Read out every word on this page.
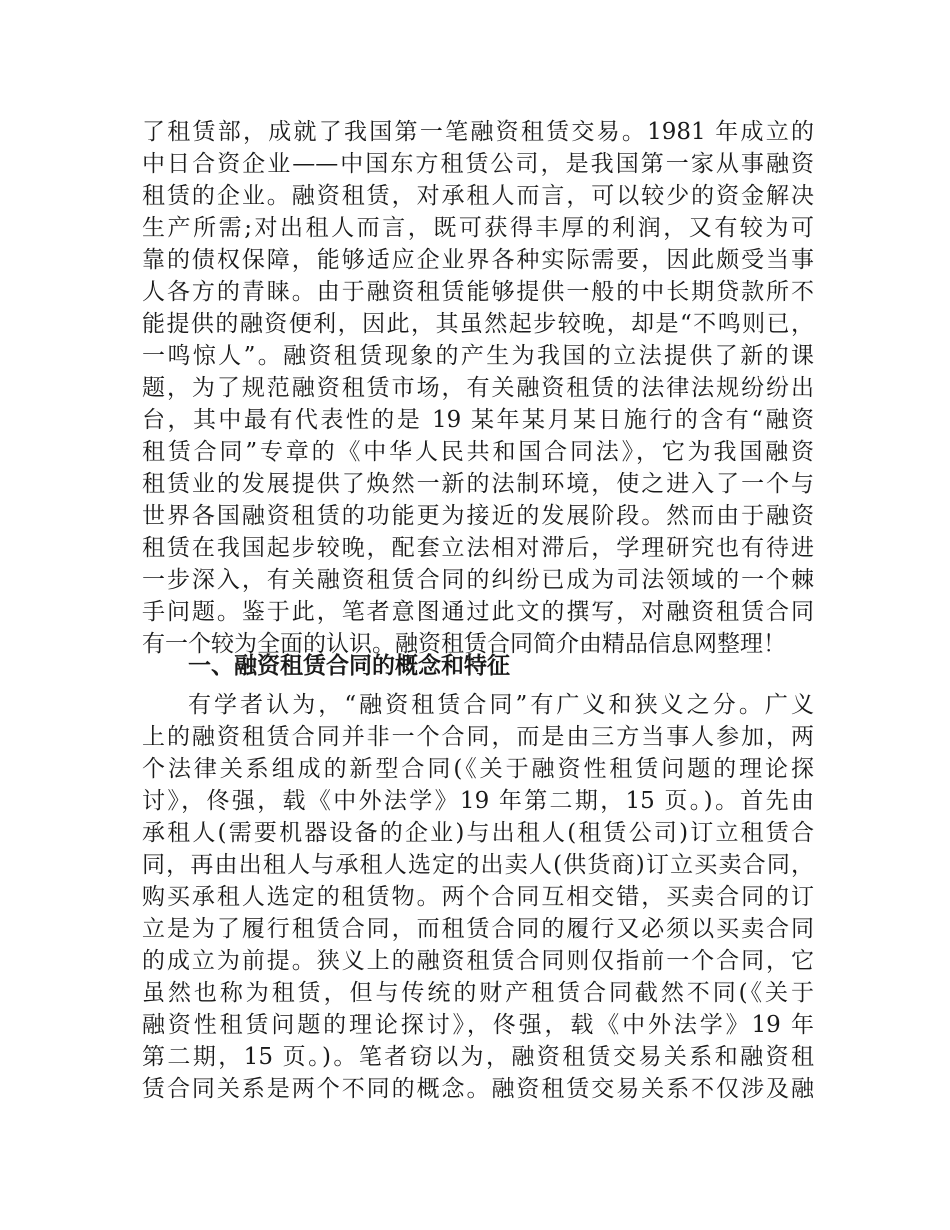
了租赁部，成就了我国第一笔融资租赁交易。1981 年成立的
中日合资企业——中国东方租赁公司，是我国第一家从事融资
租赁的企业。融资租赁，对承租人而言，可以较少的资金解决
生产所需;对出租人而言，既可获得丰厚的利润，又有较为可
靠的债权保障，能够适应企业界各种实际需要，因此颇受当事
人各方的青睐。由于融资租赁能够提供一般的中长期贷款所不
能提供的融资便利，因此，其虽然起步较晚，却是“不鸣则已，
一鸣惊人”。融资租赁现象的产生为我国的立法提供了新的课
题，为了规范融资租赁市场，有关融资租赁的法律法规纷纷出
台，其中最有代表性的是 19 某年某月某日施行的含有“融资
租赁合同”专章的《中华人民共和国合同法》，它为我国融资
租赁业的发展提供了焕然一新的法制环境，使之进入了一个与
世界各国融资租赁的功能更为接近的发展阶段。然而由于融资
租赁在我国起步较晚，配套立法相对滞后，学理研究也有待进
一步深入，有关融资租赁合同的纠纷已成为司法领域的一个棘
手问题。鉴于此，笔者意图通过此文的撰写，对融资租赁合同
有一个较为全面的认识。融资租赁合同简介由精品信息网整理！
一、融资租赁合同的概念和特征
有学者认为，“融资租赁合同”有广义和狭义之分。广义
上的融资租赁合同并非一个合同，而是由三方当事人参加，两
个法律关系组成的新型合同(《关于融资性租赁问题的理论探
讨》，佟强，载《中外法学》19 年第二期，15 页。)。首先由
承租人(需要机器设备的企业)与出租人(租赁公司)订立租赁合
同，再由出租人与承租人选定的出卖人(供货商)订立买卖合同，
购买承租人选定的租赁物。两个合同互相交错，买卖合同的订
立是为了履行租赁合同，而租赁合同的履行又必须以买卖合同
的成立为前提。狭义上的融资租赁合同则仅指前一个合同，它
虽然也称为租赁，但与传统的财产租赁合同截然不同(《关于
融资性租赁问题的理论探讨》，佟强，载《中外法学》19 年
第二期，15 页。)。笔者窃以为，融资租赁交易关系和融资租
赁合同关系是两个不同的概念。融资租赁交易关系不仅涉及融
